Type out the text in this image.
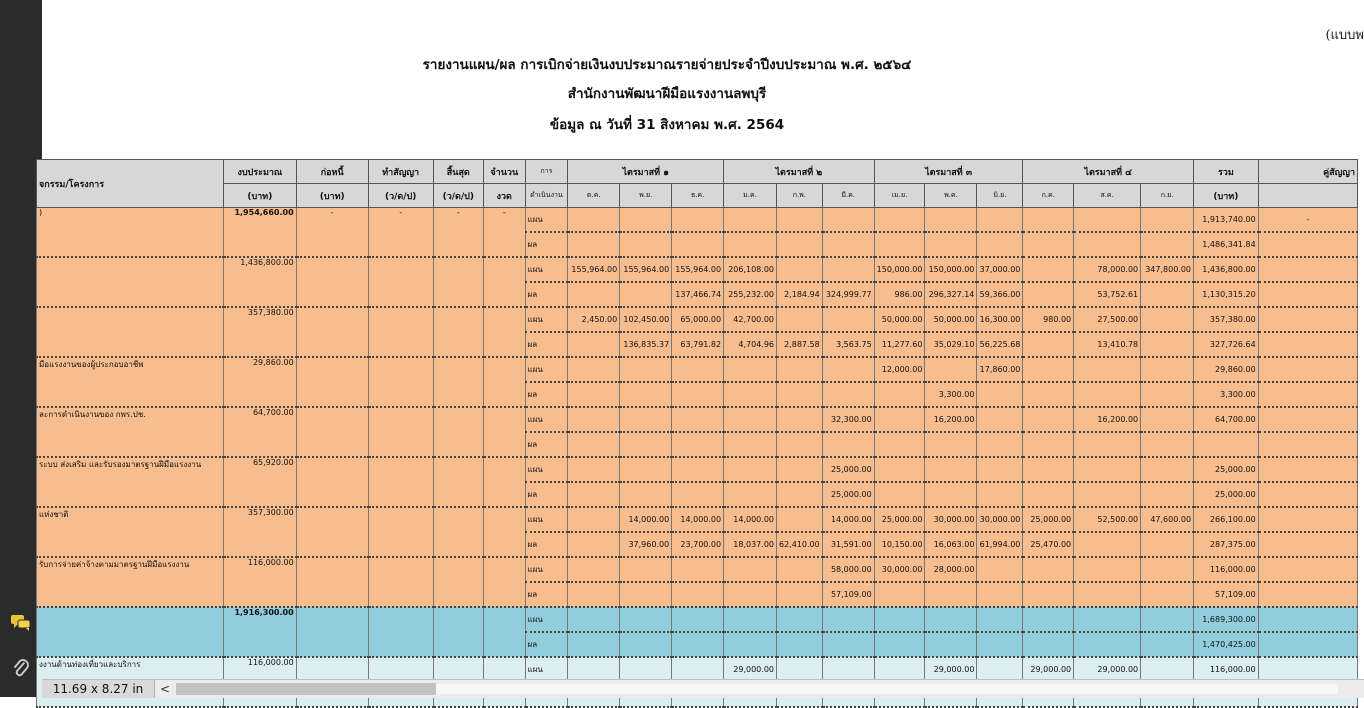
(แบบพ
รายงานแผน/ผล การเบิกจ่ายเงินงบประมาณรายจ่ายประจำปีงบประมาณ พ.ศ. ๒๕๖๔
สำนักงานพัฒนาฝีมือแรงงานลพบุรี
ข้อมูล ณ วันที่ 31 สิงหาคม พ.ศ. 2564
จกรรม/โครงการ	งบประมาณ	ก่อหนี้	ทำสัญญา	สิ้นสุด	จำนวน	การ	ไตรมาสที่ ๑			ไตรมาสที่ ๒			ไตรมาสที่ ๓			ไตรมาสที่ ๔			รวม	คู่สัญญา
	(บาท)	(บาท)	(ว/ด/ป)	(ว/ด/ป)	งวด	ดำเนินงาน	ต.ค.	พ.ย.	ธ.ค.	ม.ค.	ก.พ.	มี.ค.	เม.ย.	พ.ค.	มิ.ย.	ก.ค.	ส.ค.	ก.ย.	(บาท)	
)	1,954,660.00	-	-	-	-	แผน													1,913,740.00	-
						ผล													1,486,341.84	
	1,436,800.00					แผน	155,964.00	155,964.00	155,964.00	206,108.00			150,000.00	150,000.00	37,000.00		78,000.00	347,800.00	1,436,800.00	
						ผล			137,466.74	255,232.00	2,184.94	324,999.77	986.00	296,327.14	59,366.00		53,752.61		1,130,315.20	
	357,380.00					แผน	2,450.00	102,450.00	65,000.00	42,700.00			50,000.00	50,000.00	16,300.00	980.00	27,500.00		357,380.00	
						ผล		136,835.37	63,791.82	4,704.96	2,887.58	3,563.75	11,277.60	35,029.10	56,225.68		13,410.78		327,726.64	
มือแรงงานของผู้ประกอบอาชีพ	29,860.00					แผน							12,000.00		17,860.00				29,860.00	
						ผล								3,300.00					3,300.00	
ละการดำเนินงานของ กพร.ปช.	64,700.00					แผน						32,300.00		16,200.00			16,200.00		64,700.00	
						ผล														
ระบบ ส่งเสริม และรับรองมาตรฐานฝีมือแรงงาน	65,920.00					แผน						25,000.00							25,000.00	
						ผล						25,000.00							25,000.00	
แห่งชาติ	357,300.00					แผน		14,000.00	14,000.00	14,000.00		14,000.00	25,000.00	30,000.00	30,000.00	25,000.00	52,500.00	47,600.00	266,100.00	
						ผล		37,960.00	23,700.00	18,037.00	62,410.00	31,591.00	10,150.00	16,063.00	61,994.00	25,470.00			287,375.00	
รับการจ่ายค่าจ้างตามมาตรฐานฝีมือแรงงาน	116,000.00					แผน						58,000.00	30,000.00	28,000.00					116,000.00	
						ผล						57,109.00							57,109.00	
	1,916,300.00					แผน													1,689,300.00	
						ผล													1,470,425.00	
งงานด้านท่องเที่ยวและบริการ	116,000.00					แผน				29,000.00				29,000.00		29,000.00	29,000.00		116,000.00	

11.69 x 8.27 in	<
